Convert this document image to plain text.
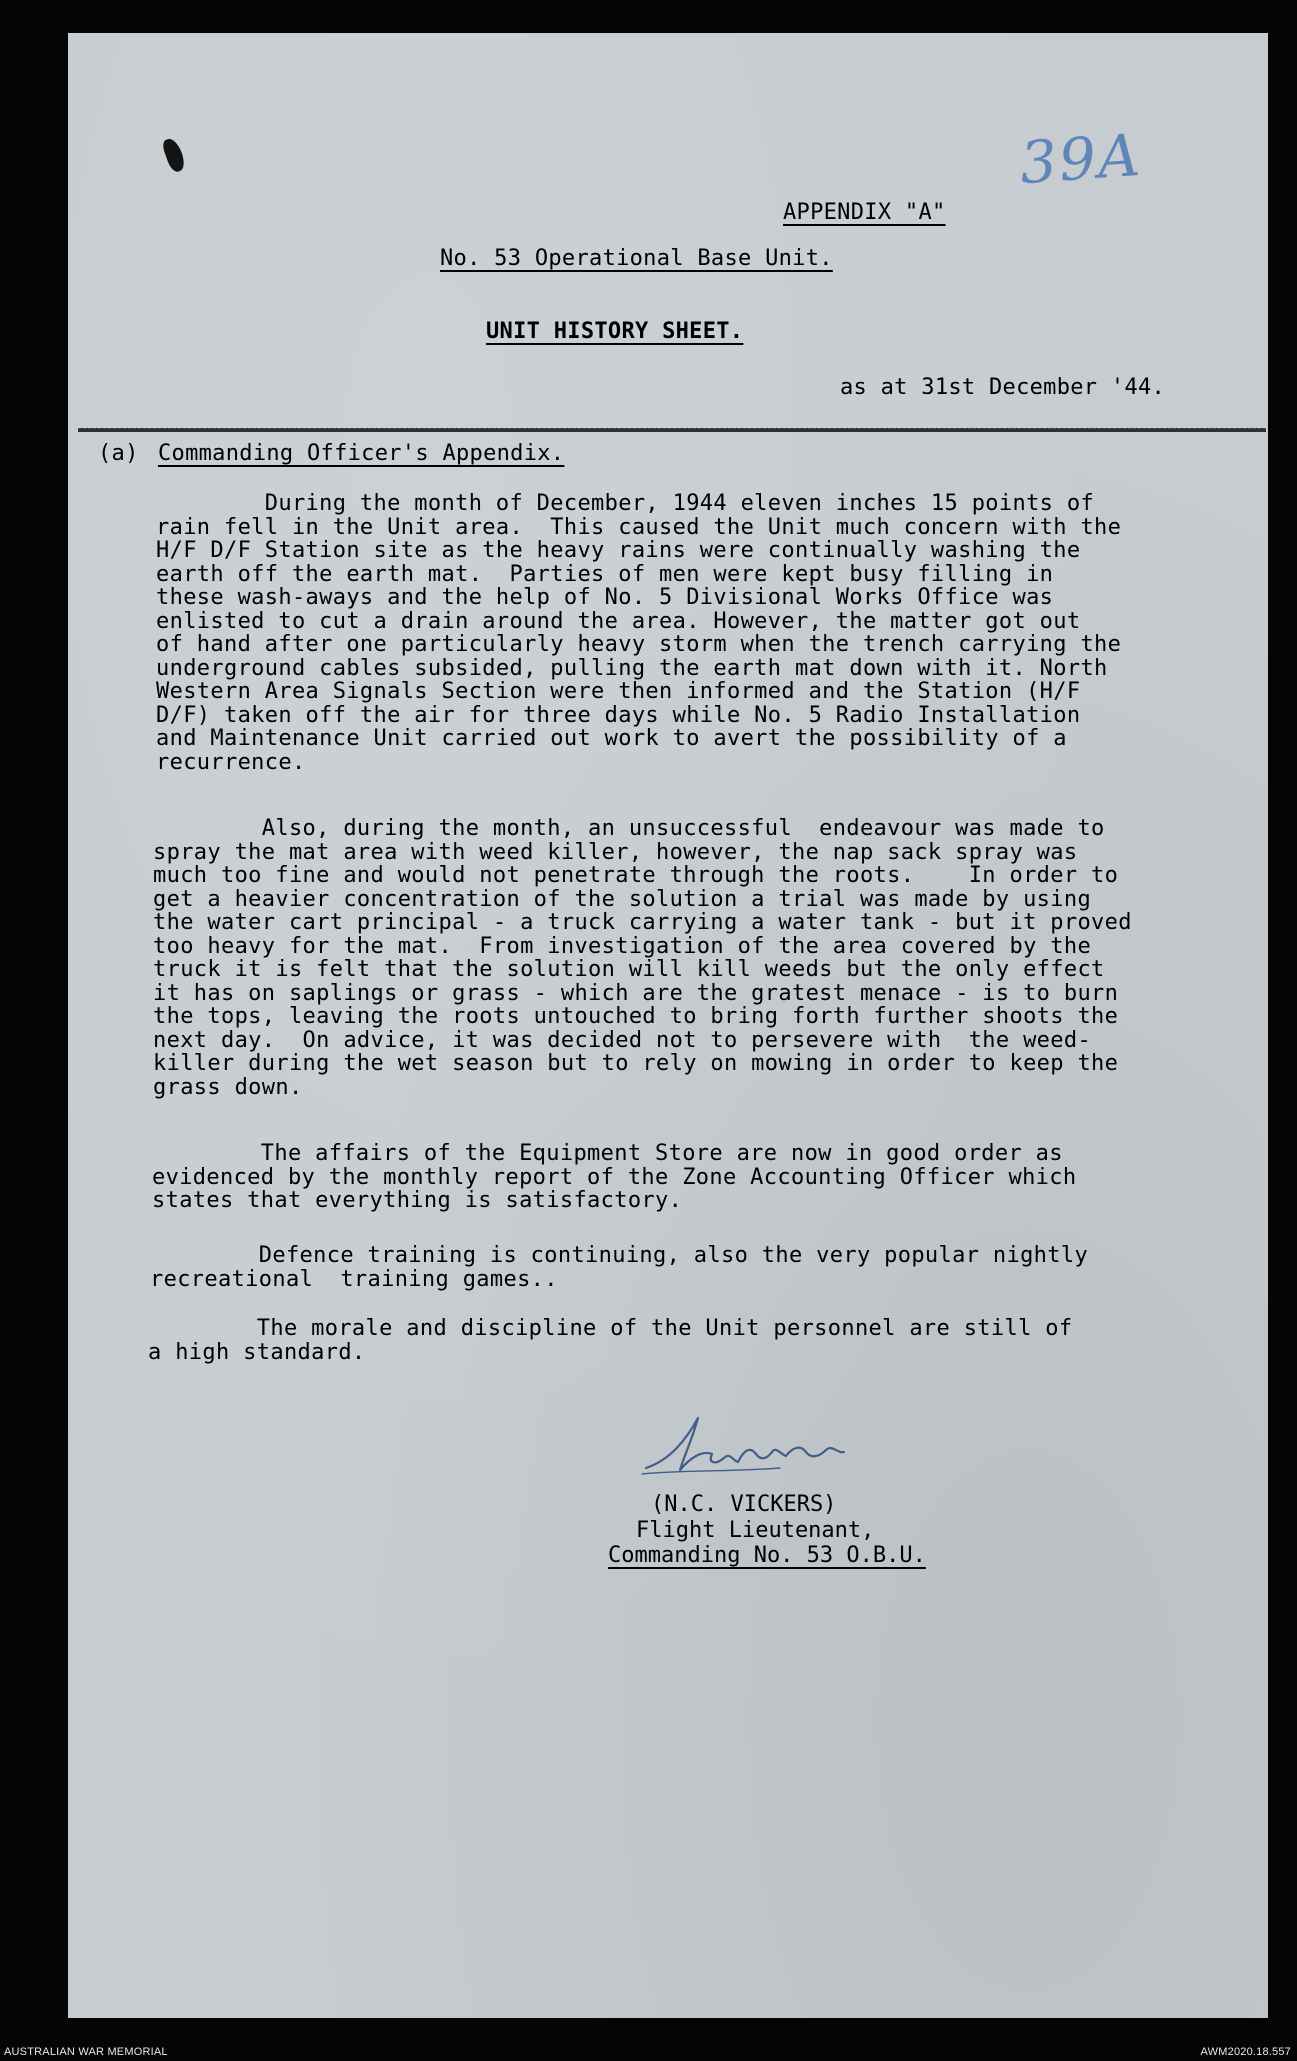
39A
APPENDIX "A"
No. 53 Operational Base Unit.
UNIT HISTORY SHEET.
as at 31st December '44.
(a) Commanding Officer's Appendix.
During the month of December, 1944 eleven inches 15 points of
rain fell in the Unit area.  This caused the Unit much concern with the
H/F D/F Station site as the heavy rains were continually washing the
earth off the earth mat.  Parties of men were kept busy filling in
these wash-aways and the help of No. 5 Divisional Works Office was
enlisted to cut a drain around the area. However, the matter got out
of hand after one particularly heavy storm when the trench carrying the
underground cables subsided, pulling the earth mat down with it. North
Western Area Signals Section were then informed and the Station (H/F
D/F) taken off the air for three days while No. 5 Radio Installation
and Maintenance Unit carried out work to avert the possibility of a
recurrence.
Also, during the month, an unsuccessful  endeavour was made to
spray the mat area with weed killer, however, the nap sack spray was
much too fine and would not penetrate through the roots.    In order to
get a heavier concentration of the solution a trial was made by using
the water cart principal - a truck carrying a water tank - but it proved
too heavy for the mat.  From investigation of the area covered by the
truck it is felt that the solution will kill weeds but the only effect
it has on saplings or grass - which are the gratest menace - is to burn
the tops, leaving the roots untouched to bring forth further shoots the
next day.  On advice, it was decided not to persevere with  the weed-
killer during the wet season but to rely on mowing in order to keep the
grass down.
The affairs of the Equipment Store are now in good order as
evidenced by the monthly report of the Zone Accounting Officer which
states that everything is satisfactory.
Defence training is continuing, also the very popular nightly
recreational  training games..
The morale and discipline of the Unit personnel are still of
a high standard.
(N.C. VICKERS)
Flight Lieutenant,
Commanding No. 53 O.B.U.
AUSTRALIAN WAR MEMORIAL	AWM2020.18.557
